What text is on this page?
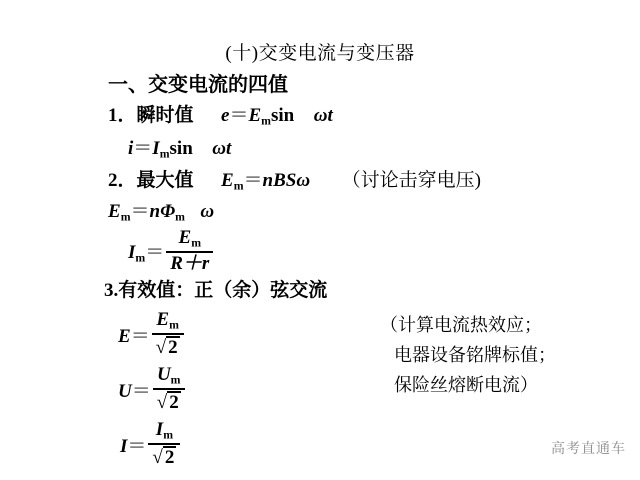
(十)交变电流与变压器
一、交变电流的四值
1．瞬时值 $e=E_m\sin$ ωt
$i=I_m\sin$ ωt
2．最大值 $E_m=nBS\omega$ （讨论击穿电压)
$E_m=n\Phi_m$ ω
$I_m= \frac{E_m}{R+r}$
3.有效值：正（余）弦交流
$E= \frac{E_m}{√ 2}$
$U= \frac{U_m}{√ 2}$
$I= \frac{I_m}{√ 2}$
（计算电流热效应；
电器设备铭牌标值；
保险丝熔断电流）
高考直通车
